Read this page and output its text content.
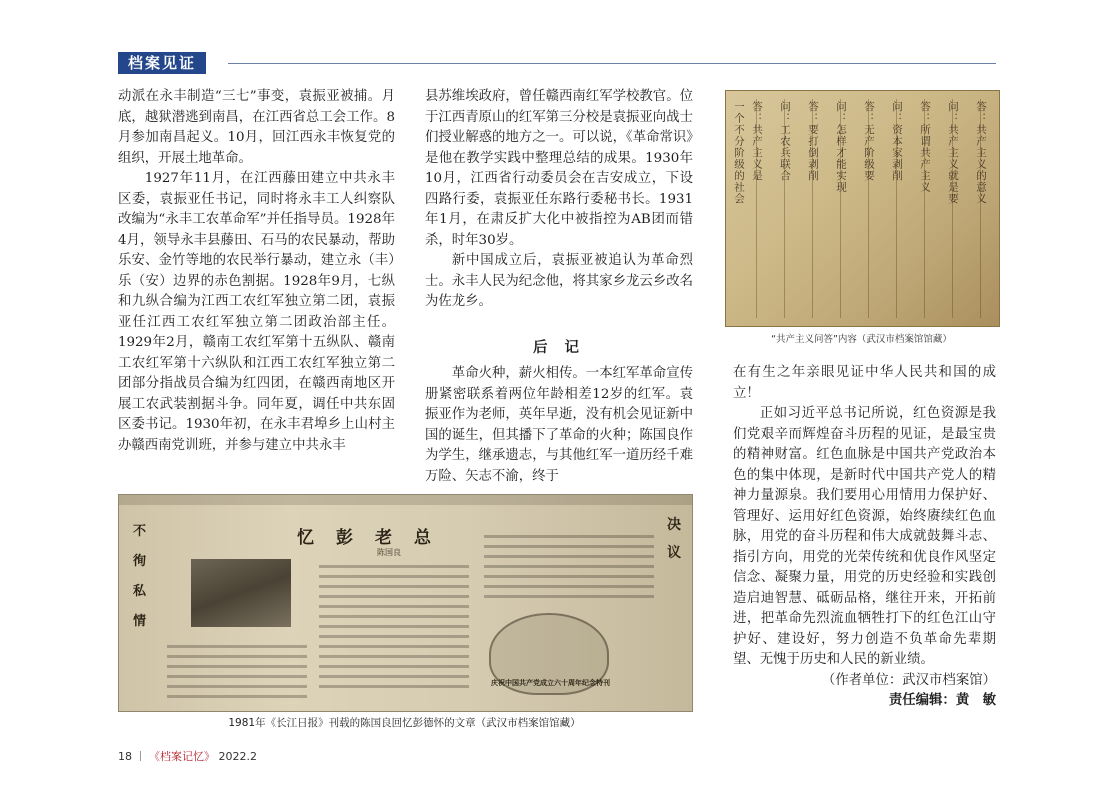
档案见证

动派在永丰制造“三七”事变，袁振亚被捕。月底，越狱潜逃到南昌，在江西省总工会工作。8月参加南昌起义。10月，回江西永丰恢复党的组织，开展土地革命。

1927年11月，在江西藤田建立中共永丰区委，袁振亚任书记，同时将永丰工人纠察队改编为“永丰工农革命军”并任指导员。1928年4月，领导永丰县藤田、石马的农民暴动，帮助乐安、金竹等地的农民举行暴动，建立永（丰）乐（安）边界的赤色割据。1928年9月，七纵和九纵合编为江西工农红军独立第二团，袁振亚任江西工农红军独立第二团政治部主任。1929年2月，赣南工农红军第十五纵队、赣南工农红军第十六纵队和江西工农红军独立第二团部分指战员合编为红四团，在赣西南地区开展工农武装割据斗争。同年夏，调任中共东固区委书记。1930年初，在永丰君埠乡上山村主办赣西南党训班，并参与建立中共永丰

县苏维埃政府，曾任赣西南红军学校教官。位于江西青原山的红军第三分校是袁振亚向战士们授业解惑的地方之一。可以说，《革命常识》是他在教学实践中整理总结的成果。1930年10月，江西省行动委员会在吉安成立，下设四路行委，袁振亚任东路行委秘书长。1931年1月，在肃反扩大化中被指控为AB团而错杀，时年30岁。

新中国成立后，袁振亚被追认为革命烈士。永丰人民为纪念他，将其家乡龙云乡改名为佐龙乡。

后 记

革命火种，薪火相传。一本红军革命宣传册紧密联系着两位年龄相差12岁的红军。袁振亚作为老师，英年早逝，没有机会见证新中国的诞生，但其播下了革命的火种；陈国良作为学生，继承遗志，与其他红军一道历经千难万险、矢志不渝，终于

答：共产主义的意义
问：共产主义就是要
答：所谓共产主义
问：资本家剥削
答：无产阶级要
问：怎样才能实现
答：要打倒剥削
问：工农兵联合
答：共产主义是
一个不分阶级的社会
“共产主义问答”内容（武汉市档案馆馆藏）

在有生之年亲眼见证中华人民共和国的成立！

正如习近平总书记所说，红色资源是我们党艰辛而辉煌奋斗历程的见证，是最宝贵的精神财富。红色血脉是中国共产党政治本色的集中体现，是新时代中国共产党人的精神力量源泉。我们要用心用情用力保护好、管理好、运用好红色资源，始终赓续红色血脉，用党的奋斗历程和伟大成就鼓舞斗志、指引方向，用党的光荣传统和优良作风坚定信念、凝聚力量，用党的历史经验和实践创造启迪智慧、砥砺品格，继往开来，开拓前进，把革命先烈流血牺牲打下的红色江山守护好、建设好，努力创造不负革命先辈期望、无愧于历史和人民的新业绩。

（作者单位：武汉市档案馆）
责任编辑：黄　敏
不徇私情
忆彭老总
陈国良
庆祝中国共产党成立六十周年纪念特刊
决议
1981年《长江日报》刊载的陈国良回忆彭德怀的文章（武汉市档案馆馆藏）
18 《档案记忆》 2022.2
